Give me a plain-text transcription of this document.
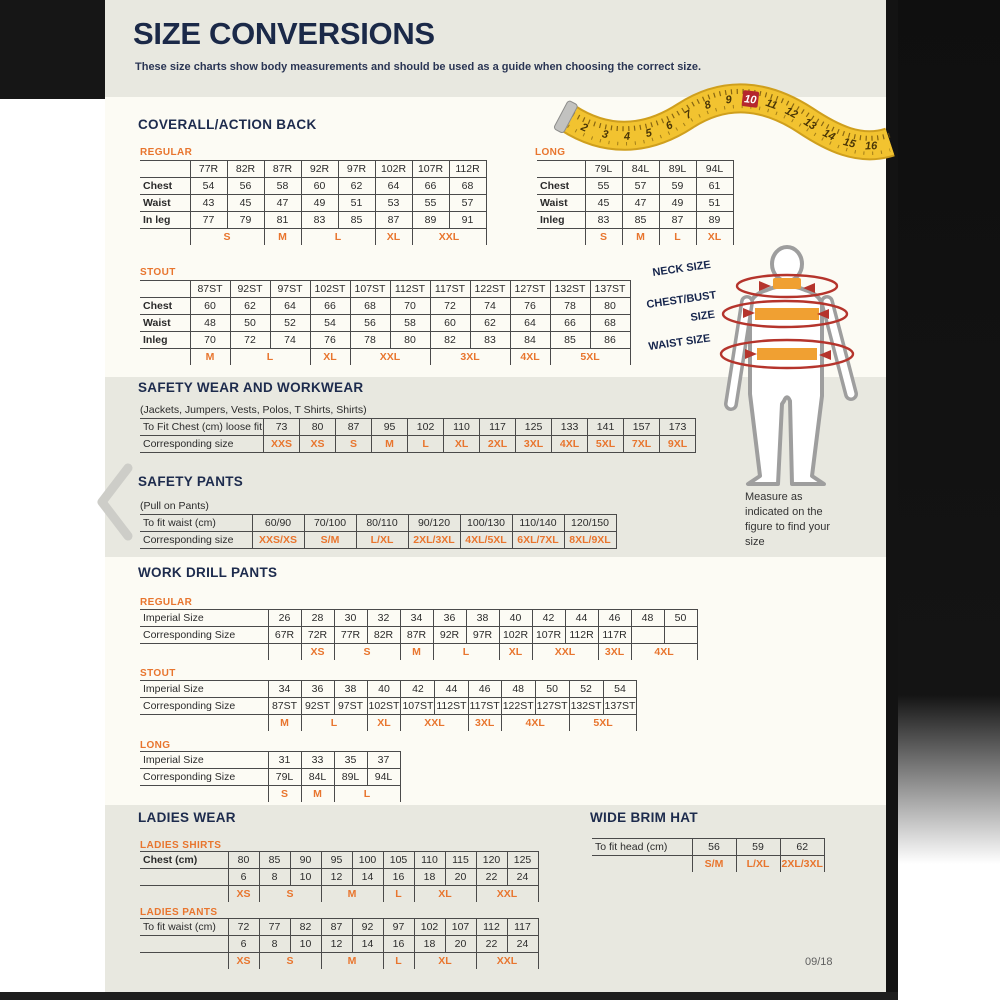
SIZE CONVERSIONS
These size charts show body measurements and should be used as a guide when choosing the correct size.
2
3 4 5
6
7
8 9 10 11
12
13
14
15 16
COVERALL/ACTION BACK
REGULAR
	77R	82R	87R	92R	97R	102R	107R	112R
Chest	54	56	58	60	62	64	66	68
Waist	43	45	47	49	51	53	55	57
In leg	77	79	81	83	85	87	89	91
	S		M	L		XL	XXL	
LONG
	79L	84L	89L	94L
Chest	55	57	59	61
Waist	45	47	49	51
Inleg	83	85	87	89
	S	M	L	XL
STOUT
	87ST	92ST	97ST	102ST	107ST	112ST	117ST	122ST	127ST	132ST	137ST
Chest	60	62	64	66	68	70	72	74	76	78	80
Waist	48	50	52	54	56	58	60	62	64	66	68
Inleg	70	72	74	76	78	80	82	83	84	85	86
	M	L		XL	XXL		3XL		4XL	5XL	
SAFETY WEAR AND WORKWEAR
(Jackets, Jumpers, Vests, Polos, T Shirts, Shirts)
To Fit Chest (cm) loose fit	73	80	87	95	102	110	117	125	133	141	157	173
Corresponding size	XXS	XS	S	M	L	XL	2XL	3XL	4XL	5XL	7XL	9XL
SAFETY PANTS
(Pull on Pants)
To fit waist (cm)	60/90	70/100	80/110	90/120	100/130	110/140	120/150
Corresponding size	XXS/XS	S/M	L/XL	2XL/3XL	4XL/5XL	6XL/7XL	8XL/9XL
WORK DRILL PANTS
REGULAR
Imperial Size	26	28	30	32	34	36	38	40	42	44	46	48	50
Corresponding Size	67R	72R	77R	82R	87R	92R	97R	102R	107R	112R	117R		
		XS	S		M	L		XL	XXL		3XL	4XL	
STOUT
Imperial Size	34	36	38	40	42	44	46	48	50	52	54
Corresponding Size	87ST	92ST	97ST	102ST	107ST	112ST	117ST	122ST	127ST	132ST	137ST
	M	L		XL	XXL		3XL	4XL		5XL	
LONG
Imperial Size	31	33	35	37
Corresponding Size	79L	84L	89L	94L
	S	M	L	
LADIES WEAR
LADIES SHIRTS
Chest (cm)	80	85	90	95	100	105	110	115	120	125
	6	8	10	12	14	16	18	20	22	24
	XS	S		M		L	XL		XXL	
LADIES PANTS
To fit waist (cm)	72	77	82	87	92	97	102	107	112	117
	6	8	10	12	14	16	18	20	22	24
	XS	S		M		L	XL		XXL	
WIDE BRIM HAT
To fit head (cm)	56	59	62
	S/M	L/XL	2XL/3XL
09/18
NECK SIZE
CHEST/BUST
SIZE
WAIST SIZE
Measure as indicated on the figure to find your size
